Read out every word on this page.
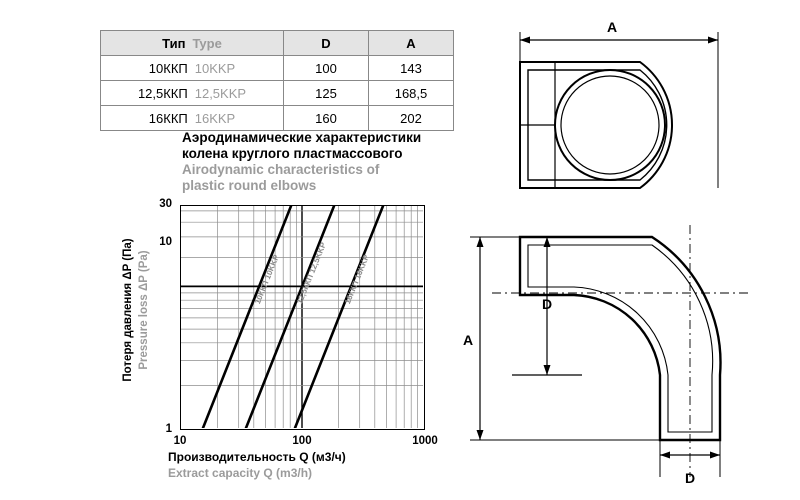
Тип Type	D	A

10ККП 10KKP	100	143

12,5ККП 12,5KKP	125	168,5

16ККП 16KKP	160	202
Аэродинамические характеристики
колена круглого пластмассового
Airodynamic characteristics of
plastic round elbows
Потеря давления ΔP (Па) Pressure loss ΔP (Pa)
30
10
1
10	100	1000
Производительность Q (м3/ч)
Extract capacity Q (m3/h)
10ККП 10KKP 12,5ККП 12,5KKP 16ККП 16KKP
A
A
D
D
